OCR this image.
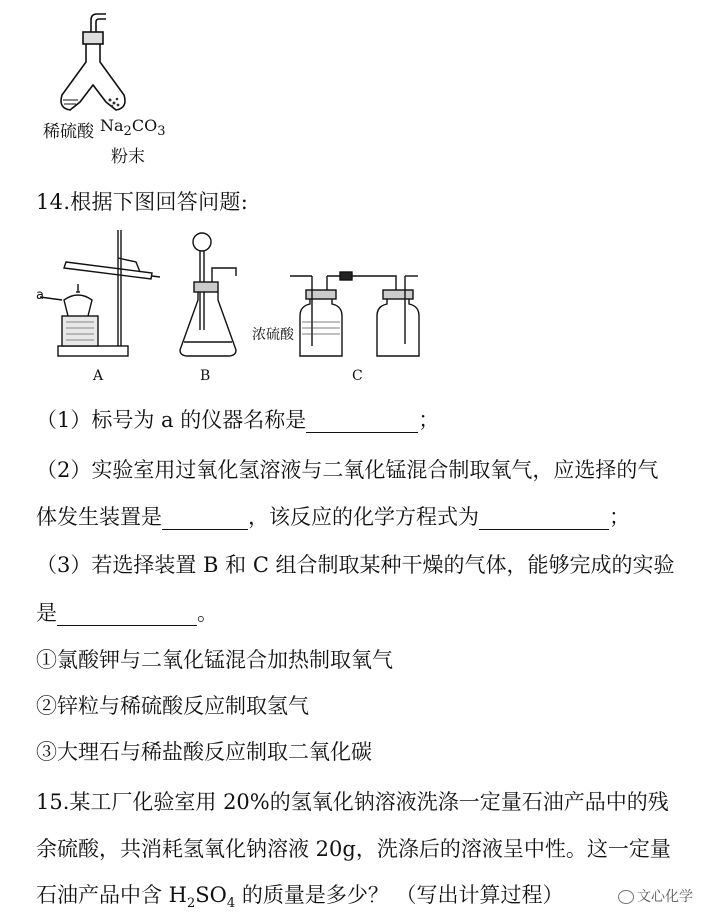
稀硫酸 $Na_2CO_3$
粉末
14.根据下图回答问题:
a
A	B	C
浓硫酸
（1）标号为 a 的仪器名称是	；
（2）实验室用过氧化氢溶液与二氧化锰混合制取氧气，应选择的气
体发生装置是	，该反应的化学方程式为	；
（3）若选择装置 B 和 C 组合制取某种干燥的气体，能够完成的实验
是	。
①氯酸钾与二氧化锰混合加热制取氧气
②锌粒与稀硫酸反应制取氢气
③大理石与稀盐酸反应制取二氧化碳
15.某工厂化验室用 20%的氢氧化钠溶液洗涤一定量石油产品中的残
余硫酸，共消耗氢氧化钠溶液 20g，洗涤后的溶液呈中性。这一定量
石油产品中含 $H_2SO_4$ 的质量是多少？ （写出计算过程）	文心化学
